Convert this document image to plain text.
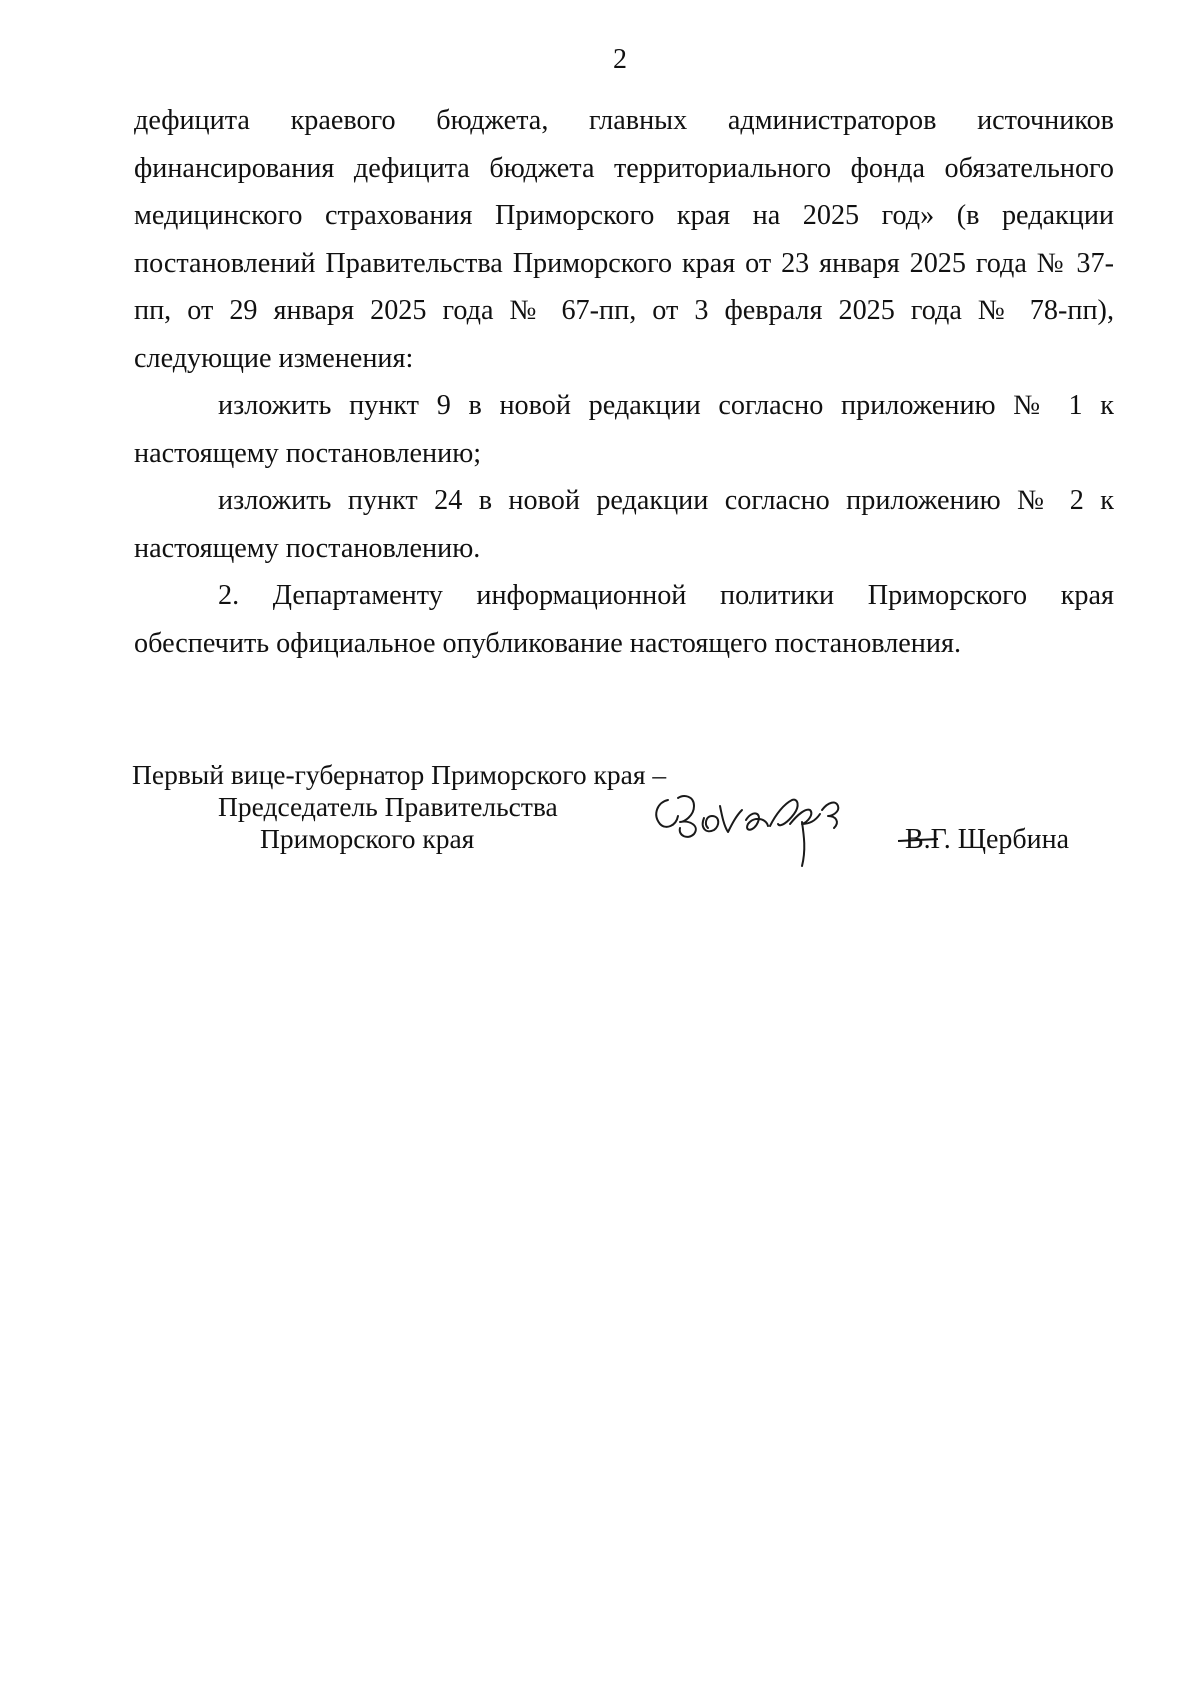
2

дефицита краевого бюджета, главных администраторов источников финансирования дефицита бюджета территориального фонда обязательного медицинского страхования Приморского края на 2025 год» (в редакции постановлений Правительства Приморского края от 23 января 2025 года № 37- пп, от 29 января 2025 года № 67-пп, от 3 февраля 2025 года № 78-пп), следующие изменения:

изложить пункт 9 в новой редакции согласно приложению № 1 к настоящему постановлению;

изложить пункт 24 в новой редакции согласно приложению № 2 к настоящему постановлению.

2. Департаменту информационной политики Приморского края обеспечить официальное опубликование настоящего постановления.

Первый вице-губернатор Приморского края –
Председатель Правительства
Приморского края	В.Г. Щербина
